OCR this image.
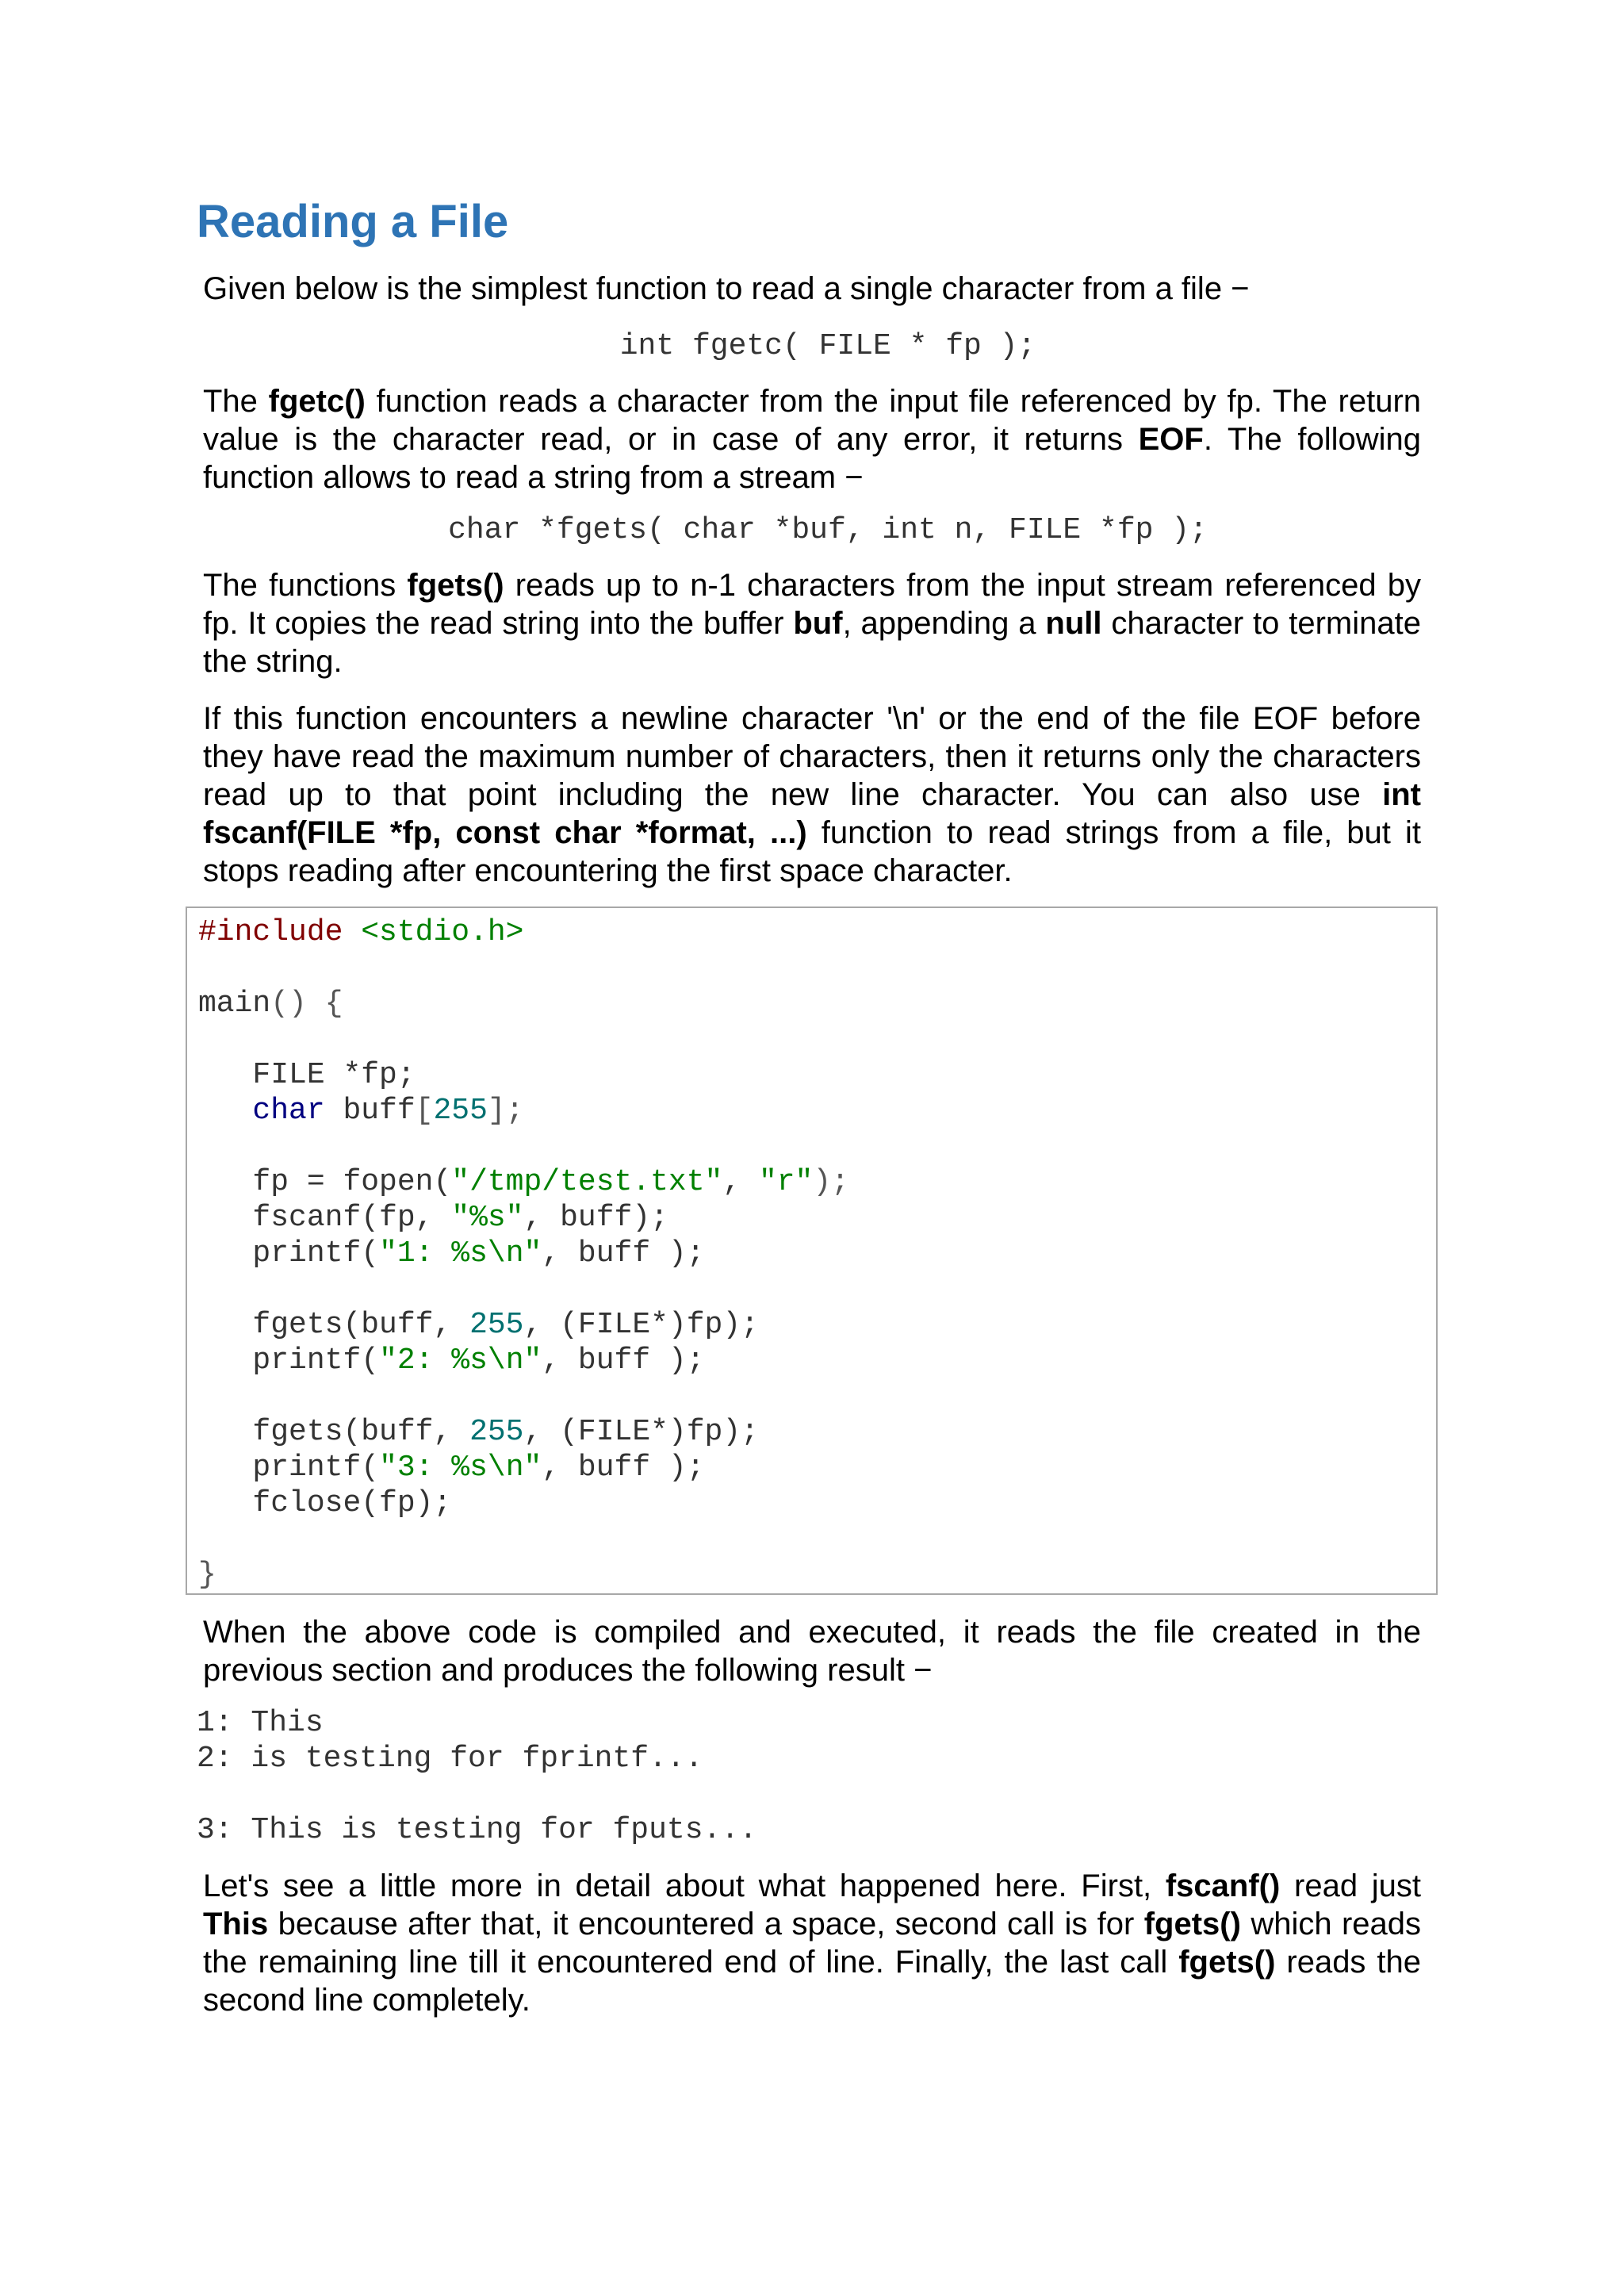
Reading a File

Given below is the simplest function to read a single character from a file −

int fgetc( FILE * fp );

The fgetc() function reads a character from the input file referenced by fp. The return value is the character read, or in case of any error, it returns EOF. The following function allows to read a string from a stream −

char *fgets( char *buf, int n, FILE *fp );

The functions fgets() reads up to n-1 characters from the input stream referenced by fp. It copies the read string into the buffer buf, appending a null character to terminate the string.

If this function encounters a newline character '\n' or the end of the file EOF before they have read the maximum number of characters, then it returns only the characters read up to that point including the new line character. You can also use int fscanf(FILE *fp, const char *format, ...) function to read strings from a file, but it stops reading after encountering the first space character.

#include <stdio.h>

main() {

FILE *fp;
char buff[255];

fp = fopen("/tmp/test.txt", "r");
fscanf(fp, "%s", buff);
printf("1: %s\n", buff );

fgets(buff, 255, (FILE*)fp);
printf("2: %s\n", buff );

fgets(buff, 255, (FILE*)fp);
printf("3: %s\n", buff );
fclose(fp);

}

When the above code is compiled and executed, it reads the file created in the previous section and produces the following result −

1: This
2: is testing for fprintf...

3: This is testing for fputs...

Let's see a little more in detail about what happened here. First, fscanf() read just This because after that, it encountered a space, second call is for fgets() which reads the remaining line till it encountered end of line. Finally, the last call fgets() reads the second line completely.
